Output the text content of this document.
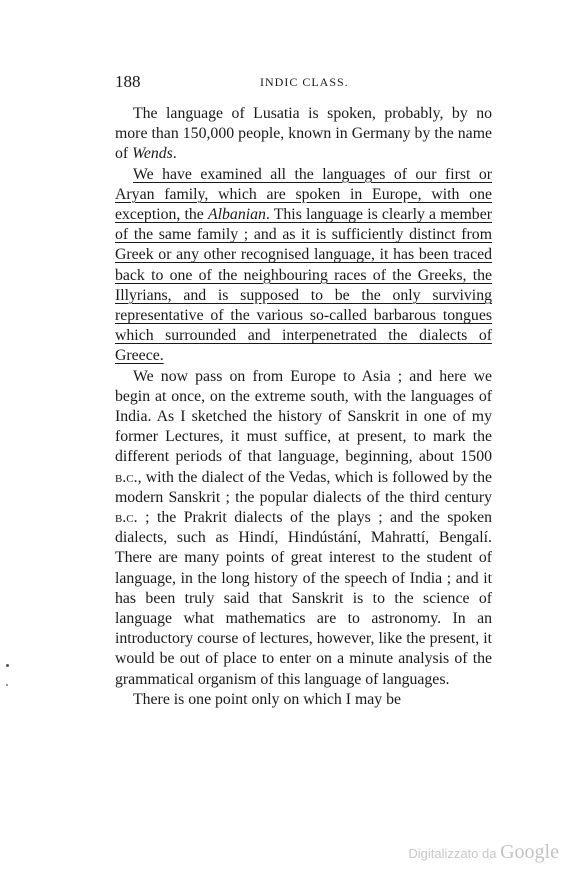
188	INDIC CLASS.

The language of Lusatia is spoken, probably, by no more than 150,000 people, known in Germany by the name of Wends.

We have examined all the languages of our first or Aryan family, which are spoken in Europe, with one exception, the Albanian. This language is clearly a member of the same family ; and as it is sufficiently distinct from Greek or any other recognised language, it has been traced back to one of the neighbouring races of the Greeks, the Illyrians, and is supposed to be the only surviving representative of the various so-called barbarous tongues which surrounded and interpenetrated the dialects of Greece.

We now pass on from Europe to Asia ; and here we begin at once, on the extreme south, with the languages of India. As I sketched the history of Sanskrit in one of my former Lectures, it must suffice, at present, to mark the different periods of that language, beginning, about 1500 b.c., with the dialect of the Vedas, which is followed by the modern Sanskrit ; the popular dialects of the third century b.c. ; the Prakrit dialects of the plays ; and the spoken dialects, such as Hindí, Hindústání, Mahrattí, Bengalí. There are many points of great interest to the student of language, in the long history of the speech of India ; and it has been truly said that Sanskrit is to the science of language what mathematics are to astronomy. In an introductory course of lectures, however, like the present, it would be out of place to enter on a minute analysis of the grammatical organism of this language of languages.

There is one point only on which I may be

Digitalizzato da Google
